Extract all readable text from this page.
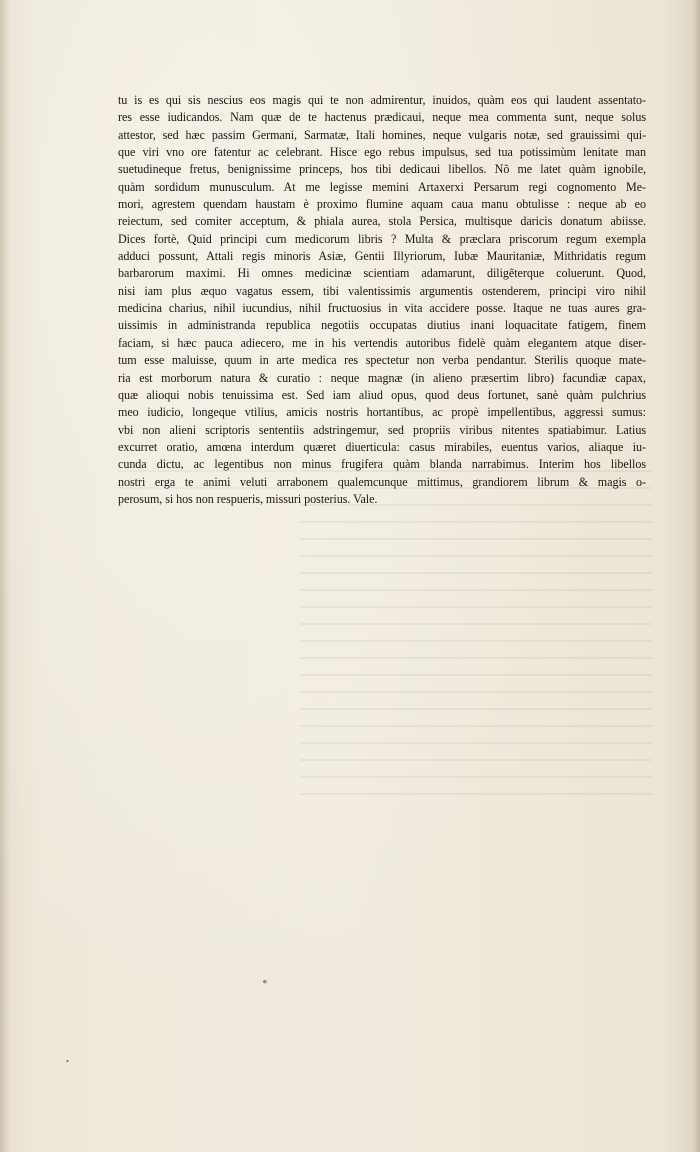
tu is es qui sis nescius eos magis qui te non admirentur, inuidos, quàm eos qui laudent assentato-
res esse iudicandos. Nam quæ de te hactenus prædicaui, neque mea commenta sunt, neque solus
attestor, sed hæc passim Germani, Sarmatæ, Itali homines, neque vulgaris notæ, sed grauissimi qui-
que viri vno ore fatentur ac celebrant. Hisce ego rebus impulsus, sed tua potissimùm lenitate man
suetudineque fretus, benignissime princeps, hos tibi dedicaui libellos. Nõ me latet quàm ignobile,
quàm sordidum munusculum. At me legisse memini Artaxerxi Persarum regi cognomento Me-
mori, agrestem quendam haustam è proximo flumine aquam caua manu obtulisse : neque ab eo
reiectum, sed comiter acceptum, & phiala aurea, stola Persica, multisque daricis donatum abiisse.
Dices fortè, Quid principi cum medicorum libris ? Multa & præclara priscorum regum exempla
adduci possunt, Attali regis minoris Asiæ, Gentii Illyriorum, Iubæ Mauritaniæ, Mithridatis regum
barbarorum maximi. Hi omnes medicinæ scientiam adamarunt, diligẽterque coluerunt. Quod,
nisi iam plus æquo vagatus essem, tibi valentissimis argumentis ostenderem, principi viro nihil
medicina charius, nihil iucundius, nihil fructuosius in vita accidere posse. Itaque ne tuas aures gra-
uissimis in administranda republica negotiis occupatas diutius inani loquacitate fatigem, finem
faciam, si hæc pauca adiecero, me in his vertendis autoribus fidelè quàm elegantem atque diser-
tum esse maluisse, quum in arte medica res spectetur non verba pendantur. Sterilis quoque mate-
ria est morborum natura & curatio : neque magnæ (in alieno præsertim libro) facundiæ capax,
quæ alioqui nobis tenuissima est. Sed iam aliud opus, quod deus fortunet, sanè quàm pulchrius
meo iudicio, longeque vtilius, amicis nostris hortantibus, ac propè impellentibus, aggressi sumus:
vbi non alieni scriptoris sententiis adstringemur, sed propriis viribus nitentes spatiabimur. Latius
excurret oratio, amœna interdum quæret diuerticula: casus mirabiles, euentus varios, aliaque iu-
cunda dictu, ac legentibus non minus frugifera quàm blanda narrabimus. Interim hos libellos
nostri erga te animi veluti arrabonem qualemcunque mittimus, grandiorem librum & magis o-
perosum, si hos non respueris, missuri posterius. Vale.
⁌
•
